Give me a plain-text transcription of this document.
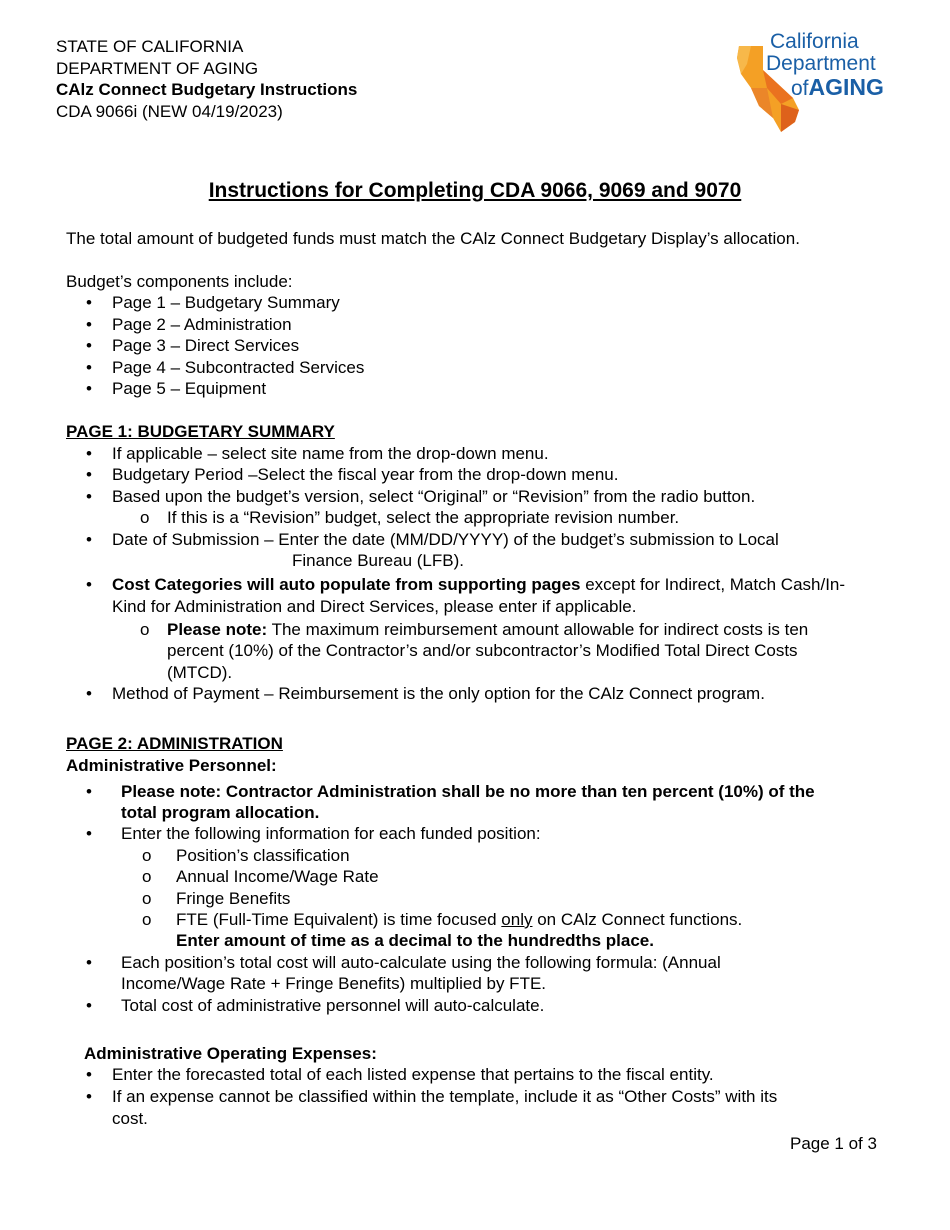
STATE OF CALIFORNIA
DEPARTMENT OF AGING
CAlz Connect Budgetary Instructions
CDA 9066i (NEW 04/19/2023)
California
Department
ofAGING
Instructions for Completing CDA 9066, 9069 and 9070
The total amount of budgeted funds must match the CAlz Connect Budgetary Display’s allocation.
Budget’s components include:
• Page 1 – Budgetary Summary
• Page 2 – Administration
• Page 3 – Direct Services
• Page 4 – Subcontracted Services
• Page 5 – Equipment
PAGE 1: BUDGETARY SUMMARY
• If applicable – select site name from the drop-down menu.
• Budgetary Period –Select the fiscal year from the drop-down menu.
• Based upon the budget’s version, select “Original” or “Revision” from the radio button.
o If this is a “Revision” budget, select the appropriate revision number.
• Date of Submission – Enter the date (MM/DD/YYYY) of the budget’s submission to Local
Finance Bureau (LFB).
• Cost Categories will auto populate from supporting pages except for Indirect, Match Cash/In-
Kind for Administration and Direct Services, please enter if applicable.
o Please note: The maximum reimbursement amount allowable for indirect costs is ten
percent (10%) of the Contractor’s and/or subcontractor’s Modified Total Direct Costs
(MTCD).
• Method of Payment – Reimbursement is the only option for the CAlz Connect program.
PAGE 2: ADMINISTRATION
Administrative Personnel:
• Please note: Contractor Administration shall be no more than ten percent (10%) of the
total program allocation.
• Enter the following information for each funded position:
o Position’s classification
o Annual Income/Wage Rate
o Fringe Benefits
o FTE (Full-Time Equivalent) is time focused only on CAlz Connect functions.
Enter amount of time as a decimal to the hundredths place.
• Each position’s total cost will auto-calculate using the following formula: (Annual
Income/Wage Rate + Fringe Benefits) multiplied by FTE.
• Total cost of administrative personnel will auto-calculate.
Administrative Operating Expenses:
• Enter the forecasted total of each listed expense that pertains to the fiscal entity.
• If an expense cannot be classified within the template, include it as “Other Costs” with its
cost.
Page 1 of 3
